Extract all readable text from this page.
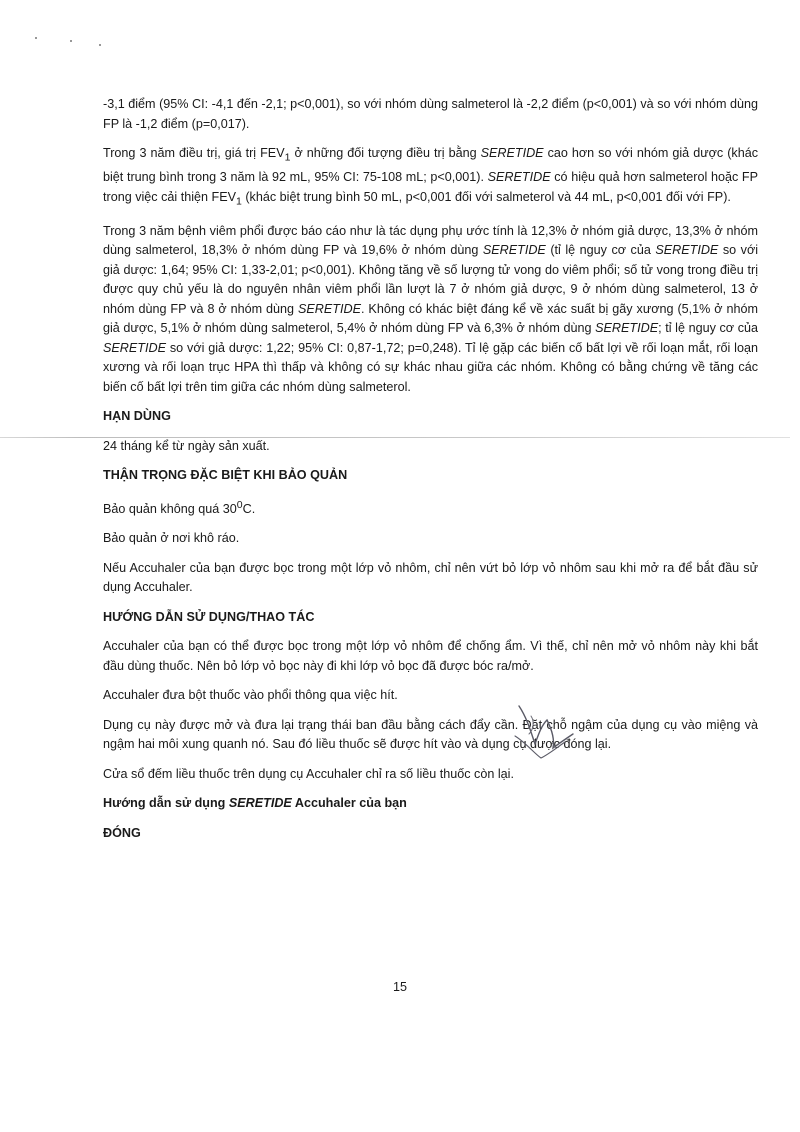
-3,1 điểm (95% CI: -4,1 đến -2,1; p<0,001), so với nhóm dùng salmeterol là -2,2 điểm (p<0,001) và so với nhóm dùng FP là -1,2 điểm (p=0,017).

Trong 3 năm điều trị, giá trị $FEV_1$ ở những đối tượng điều trị bằng SERETIDE cao hơn so với nhóm giả dược (khác biệt trung bình trong 3 năm là 92 mL, 95% CI: 75-108 mL; p<0,001). SERETIDE có hiệu quả hơn salmeterol hoặc FP trong việc cải thiện $FEV_1$ (khác biệt trung bình 50 mL, p<0,001 đối với salmeterol và 44 mL, p<0,001 đối với FP).

Trong 3 năm bệnh viêm phổi được báo cáo như là tác dụng phụ ước tính là 12,3% ở nhóm giả dược, 13,3% ở nhóm dùng salmeterol, 18,3% ở nhóm dùng FP và 19,6% ở nhóm dùng SERETIDE (tỉ lệ nguy cơ của SERETIDE so với giả dược: 1,64; 95% CI: 1,33-2,01; p<0,001). Không tăng về số lượng tử vong do viêm phổi; số tử vong trong điều trị được quy chủ yếu là do nguyên nhân viêm phổi lần lượt là 7 ở nhóm giả dược, 9 ở nhóm dùng salmeterol, 13 ở nhóm dùng FP và 8 ở nhóm dùng SERETIDE. Không có khác biệt đáng kể về xác suất bị gãy xương (5,1% ở nhóm giả dược, 5,1% ở nhóm dùng salmeterol, 5,4% ở nhóm dùng FP và 6,3% ở nhóm dùng SERETIDE; tỉ lệ nguy cơ của SERETIDE so với giả dược: 1,22; 95% CI: 0,87-1,72; p=0,248). Tỉ lệ gặp các biến cố bất lợi về rối loạn mắt, rối loạn xương và rối loạn trục HPA thì thấp và không có sự khác nhau giữa các nhóm. Không có bằng chứng về tăng các biến cố bất lợi trên tim giữa các nhóm dùng salmeterol.

HẠN DÙNG

24 tháng kể từ ngày sản xuất.

THẬN TRỌNG ĐẶC BIỆT KHI BẢO QUẢN

Bảo quản không quá $30^0C$.

Bảo quản ở nơi khô ráo.

Nếu Accuhaler của bạn được bọc trong một lớp vỏ nhôm, chỉ nên vứt bỏ lớp vỏ nhôm sau khi mở ra để bắt đầu sử dụng Accuhaler.

HƯỚNG DẪN SỬ DỤNG/THAO TÁC

Accuhaler của bạn có thể được bọc trong một lớp vỏ nhôm để chống ẩm. Vì thế, chỉ nên mở vỏ nhôm này khi bắt đầu dùng thuốc. Nên bỏ lớp vỏ bọc này đi khi lớp vỏ bọc đã được bóc ra/mở.

Accuhaler đưa bột thuốc vào phổi thông qua việc hít.

Dụng cụ này được mở và đưa lại trạng thái ban đầu bằng cách đẩy cần. Đặt chỗ ngậm của dụng cụ vào miệng và ngậm hai môi xung quanh nó. Sau đó liều thuốc sẽ được hít vào và dụng cụ được đóng lại.

Cửa sổ đếm liều thuốc trên dụng cụ Accuhaler chỉ ra số liều thuốc còn lại.

Hướng dẫn sử dụng SERETIDE Accuhaler của bạn
ĐÓNG
15
